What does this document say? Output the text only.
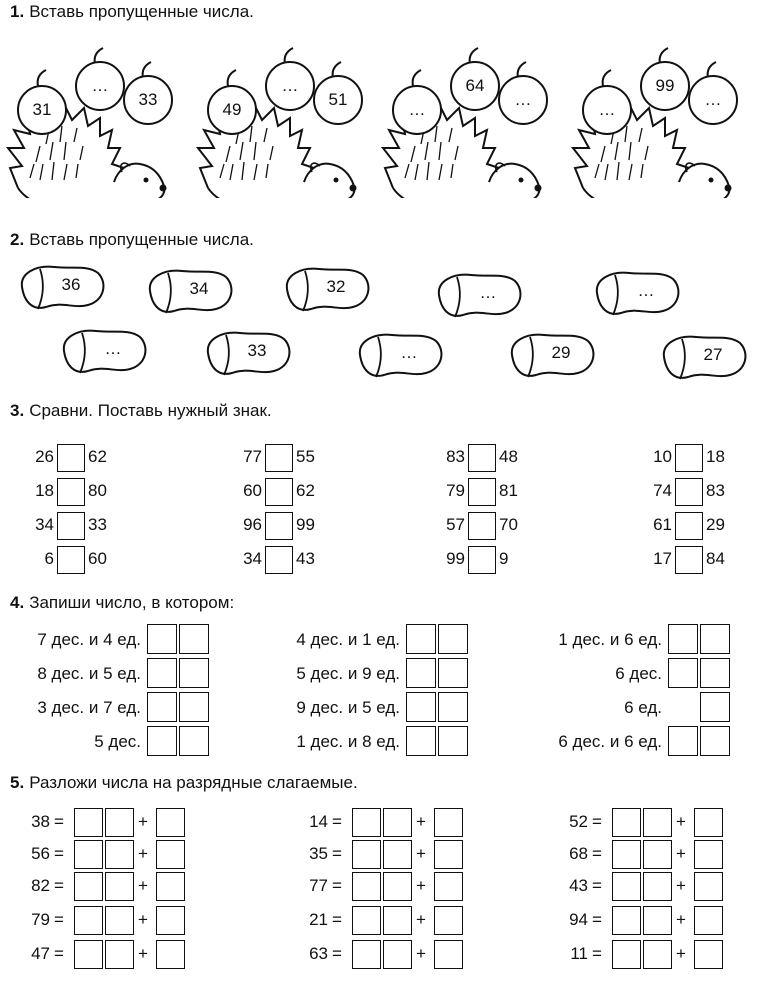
1. Вставь пропущенные числа.
2. Вставь пропущенные числа.
3. Сравни. Поставь нужный знак.
4. Запиши число, в котором:
5. Разложи числа на разрядные слагаемые.
31
…
33
49
…
51
…
64
…
…
99
…
36	34	32	…	…
…	33	…	29	27
26 62
18 80
34 33
6 60
77 55
60 62
96 99
34 43
83 48
79 81
57 70
99 9
10 18
74 83
61 29
17 84
7 дес. и 4 ед.
8 дес. и 5 ед.
3 дес. и 7 ед.
5 дес.
4 дес. и 1 ед.
5 дес. и 9 ед.
9 дес. и 5 ед.
1 дес. и 8 ед.
1 дес. и 6 ед.
6 дес.
6 ед.
6 дес. и 6 ед.
38 =	+
56 =	+
82 =	+
79 =	+
47 =	+
14 =	+
35 =	+
77 =	+
21 =	+
63 =	+
52 =	+
68 =	+
43 =	+
94 =	+
11 =	+
